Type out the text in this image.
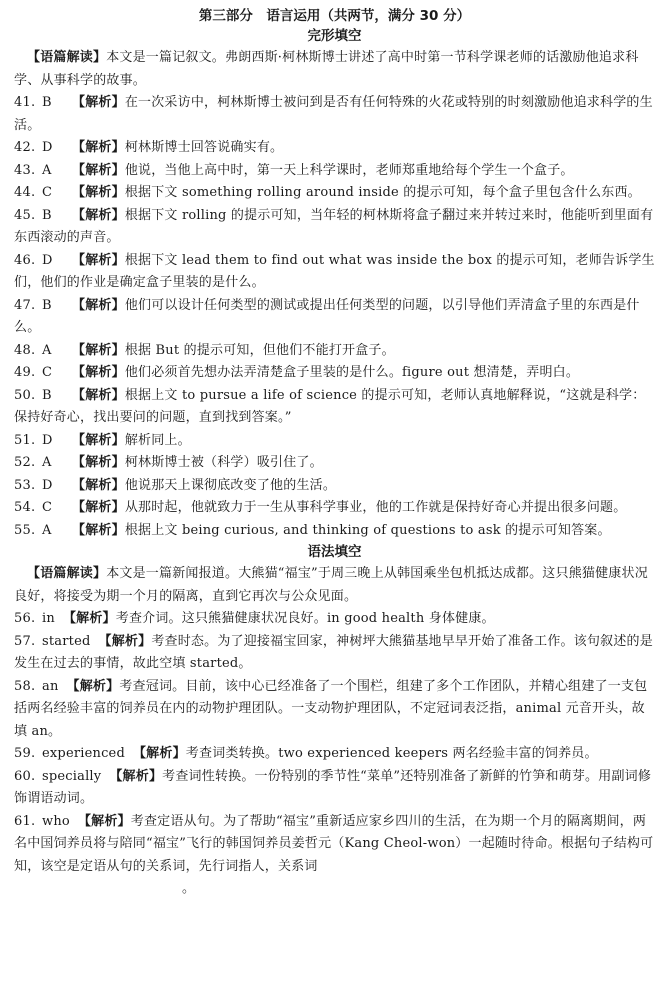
第三部分　语言运用（共两节，满分 30 分）
完形填空
【语篇解读】本文是一篇记叙文。弗朗西斯·柯林斯博士讲述了高中时第一节科学课老师的话激励他追求科学、从事科学的故事。
41. B 【解析】在一次采访中，柯林斯博士被问到是否有任何特殊的火花或特别的时刻激励他追求科学的生活。
42. D 【解析】柯林斯博士回答说确实有。
43. A 【解析】他说，当他上高中时，第一天上科学课时，老师郑重地给每个学生一个盒子。
44. C 【解析】根据下文 something rolling around inside 的提示可知，每个盒子里包含什么东西。
45. B 【解析】根据下文 rolling 的提示可知，当年轻的柯林斯将盒子翻过来并转过来时，他能听到里面有东西滚动的声音。
46. D 【解析】根据下文 lead them to find out what was inside the box 的提示可知，老师告诉学生们，他们的作业是确定盒子里装的是什么。
47. B 【解析】他们可以设计任何类型的测试或提出任何类型的问题，以引导他们弄清盒子里的东西是什么。
48. A 【解析】根据 But 的提示可知，但他们不能打开盒子。
49. C 【解析】他们必须首先想办法弄清楚盒子里装的是什么。figure out 想清楚，弄明白。
50. B 【解析】根据上文 to pursue a life of science 的提示可知，老师认真地解释说，“这就是科学：保持好奇心，找出要问的问题，直到找到答案。”
51. D 【解析】解析同上。
52. A 【解析】柯林斯博士被（科学）吸引住了。
53. D 【解析】他说那天上课彻底改变了他的生活。
54. C 【解析】从那时起，他就致力于一生从事科学事业，他的工作就是保持好奇心并提出很多问题。
55. A 【解析】根据上文 being curious, and thinking of questions to ask 的提示可知答案。
语法填空
【语篇解读】本文是一篇新闻报道。大熊猫“福宝”于周三晚上从韩国乘坐包机抵达成都。这只熊猫健康状况良好，将接受为期一个月的隔离，直到它再次与公众见面。
56. in 【解析】考查介词。这只熊猫健康状况良好。in good health 身体健康。
57. started 【解析】考查时态。为了迎接福宝回家，神树坪大熊猫基地早早开始了准备工作。该句叙述的是发生在过去的事情，故此空填 started。
58. an 【解析】考查冠词。目前，该中心已经准备了一个围栏，组建了多个工作团队，并精心组建了一支包括两名经验丰富的饲养员在内的动物护理团队。一支动物护理团队，不定冠词表泛指，animal 元音开头，故填 an。
59. experienced 【解析】考查词类转换。two experienced keepers 两名经验丰富的饲养员。
60. specially 【解析】考查词性转换。一份特别的季节性“菜单”还特别准备了新鲜的竹笋和萌芽。用副词修饰谓语动词。
61. who 【解析】考查定语从句。为了帮助“福宝”重新适应家乡四川的生活，在为期一个月的隔离期间，两名中国饲养员将与陪同“福宝”飞行的韩国饲养员姜哲元（Kang Cheol-won）一起随时待命。根据句子结构可知，该空是定语从句的关系词，先行词指人，关系词
。
